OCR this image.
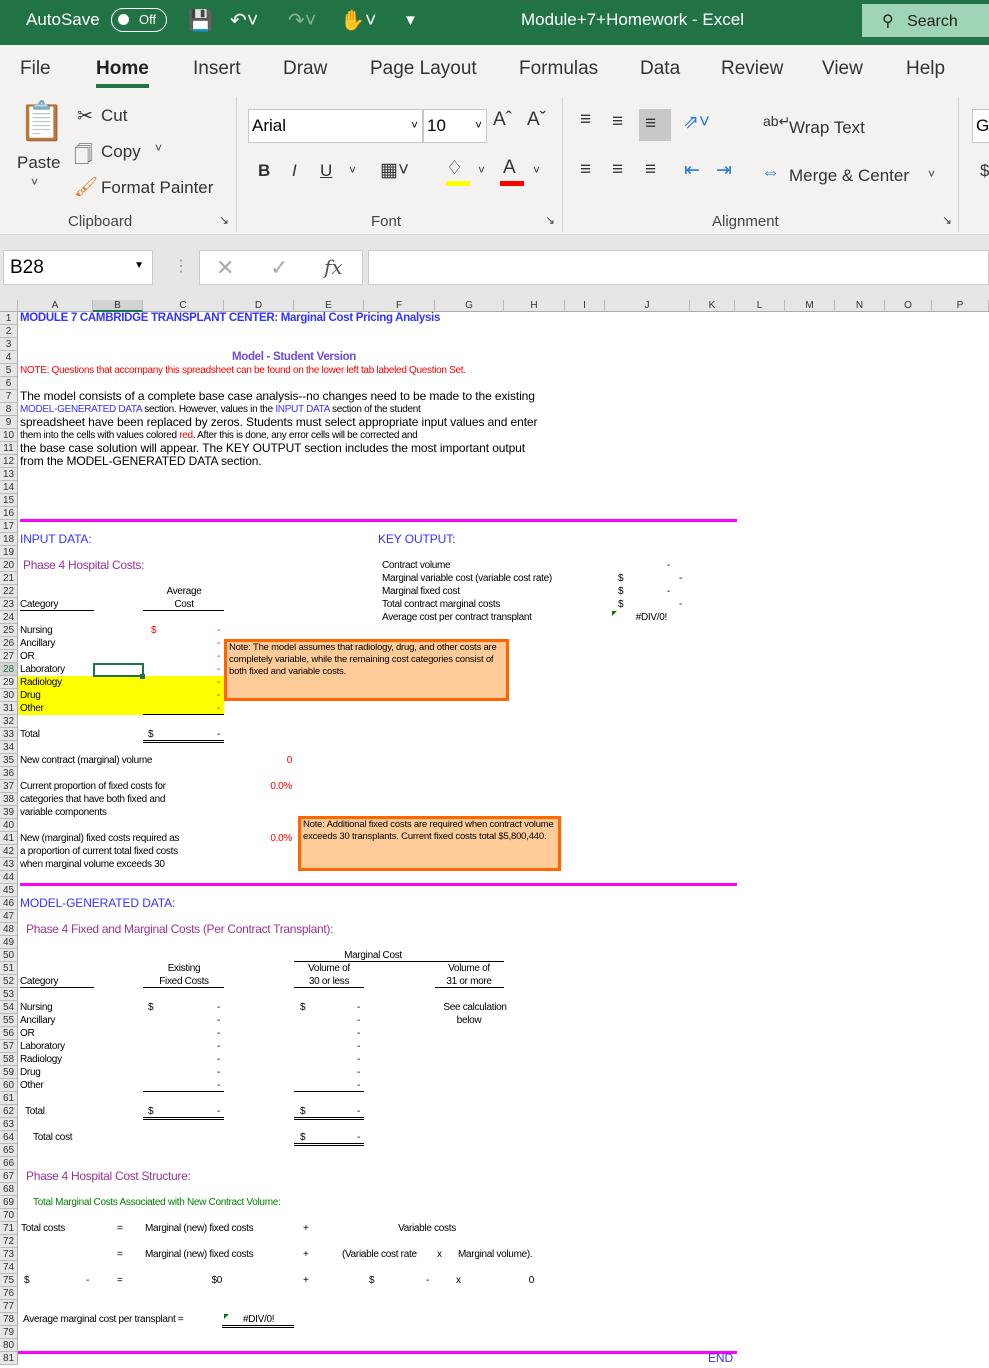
AutoSave	Off	💾 ↶˅ ↷˅ ✋˅ ▼	Module+7+Homework - Excel	⚲ Search
File Home Insert Draw Page Layout Formulas Data Review View Help
📋
Paste
˅
✂ Cut
🗍 Copy ˅
🖌 Format Painter
Clipboard	↘
Arial	˅ 10 ˅ Aˆ Aˇ
B I U ˅ ▦˅ ♢ ˅ A ˅
Font	↘
≡ ≡	≡	⇗˅
≡ ≡ ≡ ⇤ ⇥
ab↵
Wrap Text
⇔ Merge & Center ˅
Alignment	↘
G
$
B28	▼ ⋮ ✕ ✓ fx
A	B	C	D	E	F	G	H	I	J	K	L	M	N	O	P
1
2
3
4
5
6
7
8
9
10
11
12
13
14
15
16
17
18
19
20
21
22
23
24
25
26
27
28
29
30
31
32
33
34
35
36
37
38
39
40
41
42
43
44
45
46
47
48
49
50
51
52
53
54
55
56
57
58
59
60
61
62
63
64
65
66
67
68
69
70
71
72
73
74
75
76
77
78
79
80
81
MODULE 7 CAMBRIDGE TRANSPLANT CENTER: Marginal Cost Pricing Analysis
Model - Student Version
NOTE: Questions that accompany this spreadsheet can be found on the lower left tab labeled Question Set.
The model consists of a complete base case analysis--no changes need to be made to the existing
spreadsheet have been replaced by zeros. Students must select appropriate input values and enter
the base case solution will appear. The KEY OUTPUT section includes the most important output
from the MODEL-GENERATED DATA section.
INPUT DATA:	KEY OUTPUT:
Phase 4 Hospital Costs:
Average
Cost
Category
$
Total	$	-
New contract (marginal) volume	0
Current proportion of fixed costs for
categories that have both fixed and
variable components
0.0%
New (marginal) fixed costs required as
a proportion of current total fixed costs
when marginal volume exceeds 30
0.0%
MODEL-GENERATED DATA:
Phase 4 Fixed and Marginal Costs (Per Contract Transplant):
Marginal Cost
Existing
Fixed Costs
Volume of
30 or less
Volume of
31 or more
Category
$	$	See calculation
below
Total	$	-	$	-
Total cost	$	-
Phase 4 Hospital Cost Structure:
Total Marginal Costs Associated with New Contract Volume:
Total costs	= Marginal (new) fixed costs	+	Variable costs
= Marginal (new) fixed costs	+	(Variable cost rate x Marginal volume).
$	-	=	$0	+	$	-	x	0
Average marginal cost per transplant =	#DIV/0!
END
Nursing	-
Ancillary	-
OR	-
Laboratory	-
Radiology	-
Drug	-
Other	-
Nursing	-	-
Ancillary	-	-
OR	-	-
Laboratory	-	-
Radiology	-	-
Drug	-	-
Other	-	-
Contract volume	-
Marginal variable cost (variable cost rate)	$	-
Marginal fixed cost	$	-
Total contract marginal costs	$	-
Average cost per contract transplant	#DIV/0!
MODEL-GENERATED DATA section. However, values in the INPUT DATA section of the student
them into the cells with values colored red. After this is done, any error cells will be corrected and
Note: The model assumes that radiology, drug, and other costs are completely variable, while the remaining cost categories consist of both fixed and variable costs.
Note: Additional fixed costs are required when contract volume exceeds 30 transplants. Current fixed costs total $5,800,440.
